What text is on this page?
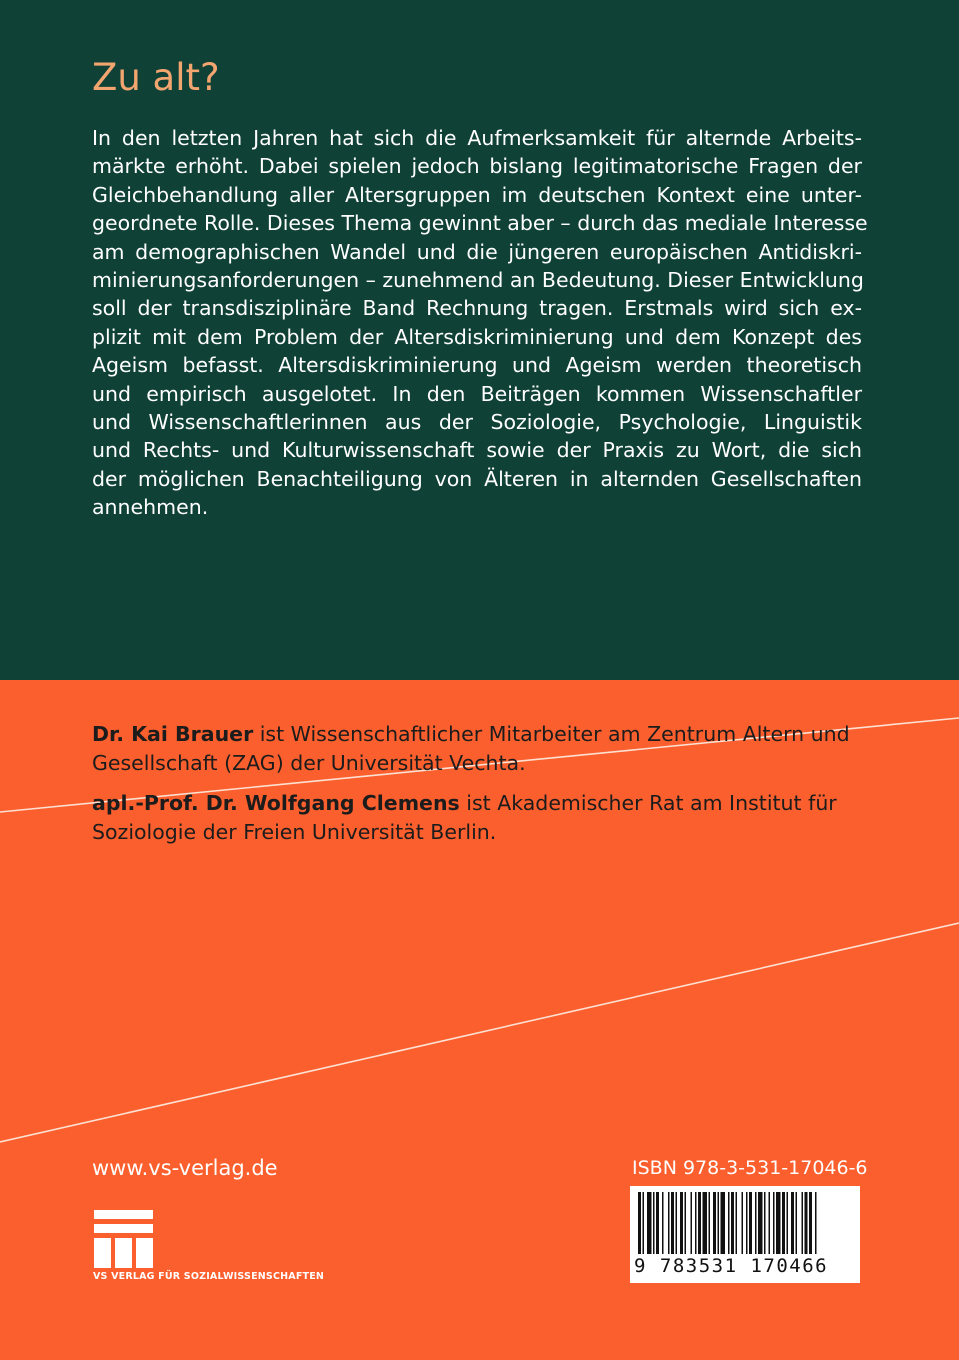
Zu alt?
In den letzten Jahren hat sich die Aufmerksamkeit für alternde Arbeits-
märkte erhöht. Dabei spielen jedoch bislang legitimatorische Fragen der
Gleichbehandlung aller Altersgruppen im deutschen Kontext eine unter-
geordnete Rolle. Dieses Thema gewinnt aber – durch das mediale Interesse
am demographischen Wandel und die jüngeren europäischen Antidiskri-
minierungsanforderungen – zunehmend an Bedeutung. Dieser Entwicklung
soll der transdisziplinäre Band Rechnung tragen. Erstmals wird sich ex-
plizit mit dem Problem der Altersdiskriminierung und dem Konzept des
Ageism befasst. Altersdiskriminierung und Ageism werden theoretisch
und empirisch ausgelotet. In den Beiträgen kommen Wissenschaftler
und Wissenschaftlerinnen aus der Soziologie, Psychologie, Linguistik
und Rechts- und Kulturwissenschaft sowie der Praxis zu Wort, die sich
der möglichen Benachteiligung von Älteren in alternden Gesellschaften
annehmen.
Dr. Kai Brauer ist Wissenschaftlicher Mitarbeiter am Zentrum Altern und
Gesellschaft (ZAG) der Universität Vechta.
apl.-Prof. Dr. Wolfgang Clemens ist Akademischer Rat am Institut für
Soziologie der Freien Universität Berlin.
www.vs-verlag.de
VS VERLAG FÜR SOZIALWISSENSCHAFTEN
ISBN 978-3-531-17046-6
9 783531 170466
